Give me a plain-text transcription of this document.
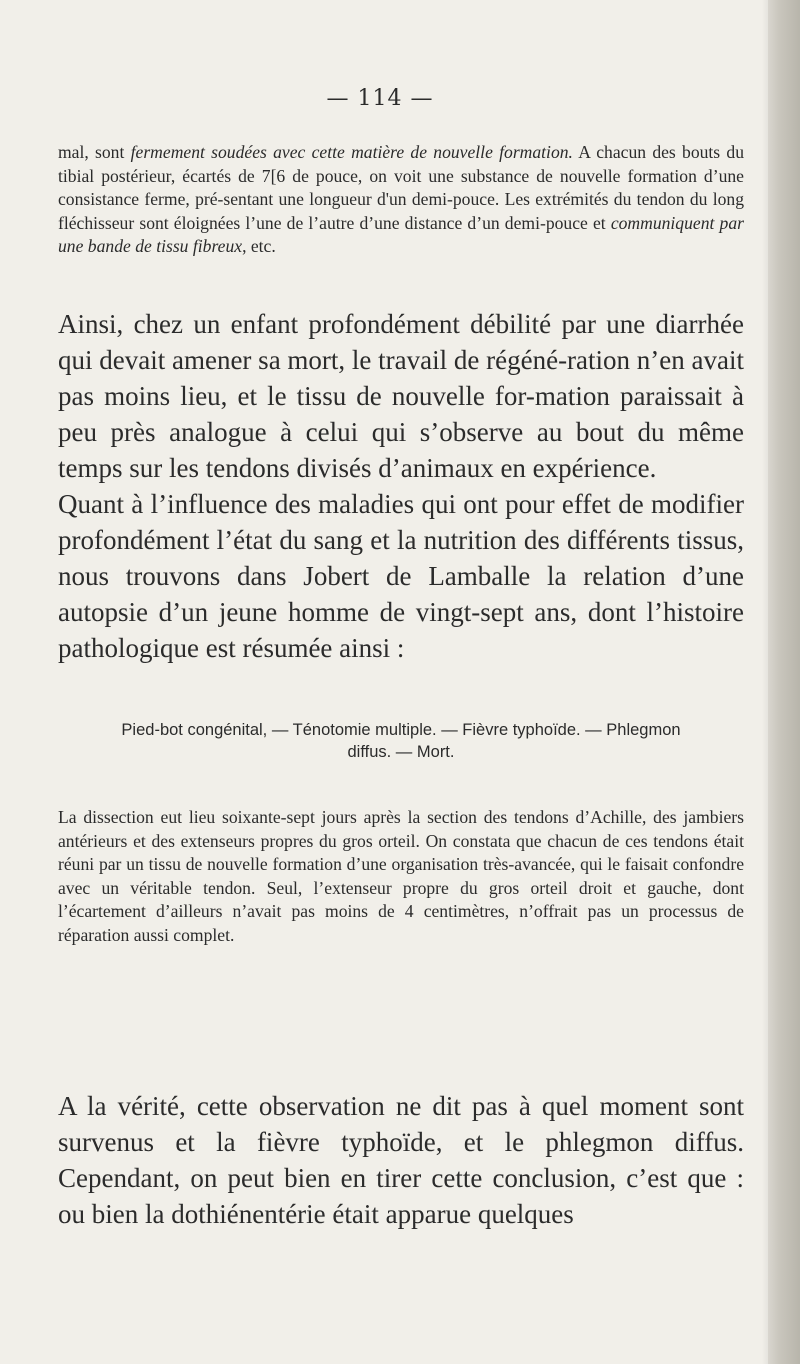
— 114 —

mal, sont fermement soudées avec cette matière de nouvelle formation. A chacun des bouts du tibial postérieur, écartés de 7[6 de pouce, on voit une substance de nouvelle formation d’une consistance ferme, pré-sentant une longueur d'un demi-pouce. Les extrémités du tendon du long fléchisseur sont éloignées l’une de l’autre d’une distance d’un demi-pouce et communiquent par une bande de tissu fibreux, etc.

Ainsi, chez un enfant profondément débilité par une diarrhée qui devait amener sa mort, le travail de régéné-ration n’en avait pas moins lieu, et le tissu de nouvelle for-mation paraissait à peu près analogue à celui qui s’observe au bout du même temps sur les tendons divisés d’animaux en expérience.

Quant à l’influence des maladies qui ont pour effet de modifier profondément l’état du sang et la nutrition des différents tissus, nous trouvons dans Jobert de Lamballe la relation d’une autopsie d’un jeune homme de vingt-sept ans, dont l’histoire pathologique est résumée ainsi :

Pied-bot congénital, — Ténotomie multiple. — Fièvre typhoïde. — Phlegmon

diffus. — Mort.

La dissection eut lieu soixante-sept jours après la section des tendons d’Achille, des jambiers antérieurs et des extenseurs propres du gros orteil. On constata que chacun de ces tendons était réuni par un tissu de nouvelle formation d’une organisation très-avancée, qui le faisait confondre avec un véritable tendon. Seul, l’extenseur propre du gros orteil droit et gauche, dont l’écartement d’ailleurs n’avait pas moins de 4 centimètres, n’offrait pas un processus de réparation aussi complet.

A la vérité, cette observation ne dit pas à quel moment sont survenus et la fièvre typhoïde, et le phlegmon diffus. Cependant, on peut bien en tirer cette conclusion, c’est que : ou bien la dothiénentérie était apparue quelques
